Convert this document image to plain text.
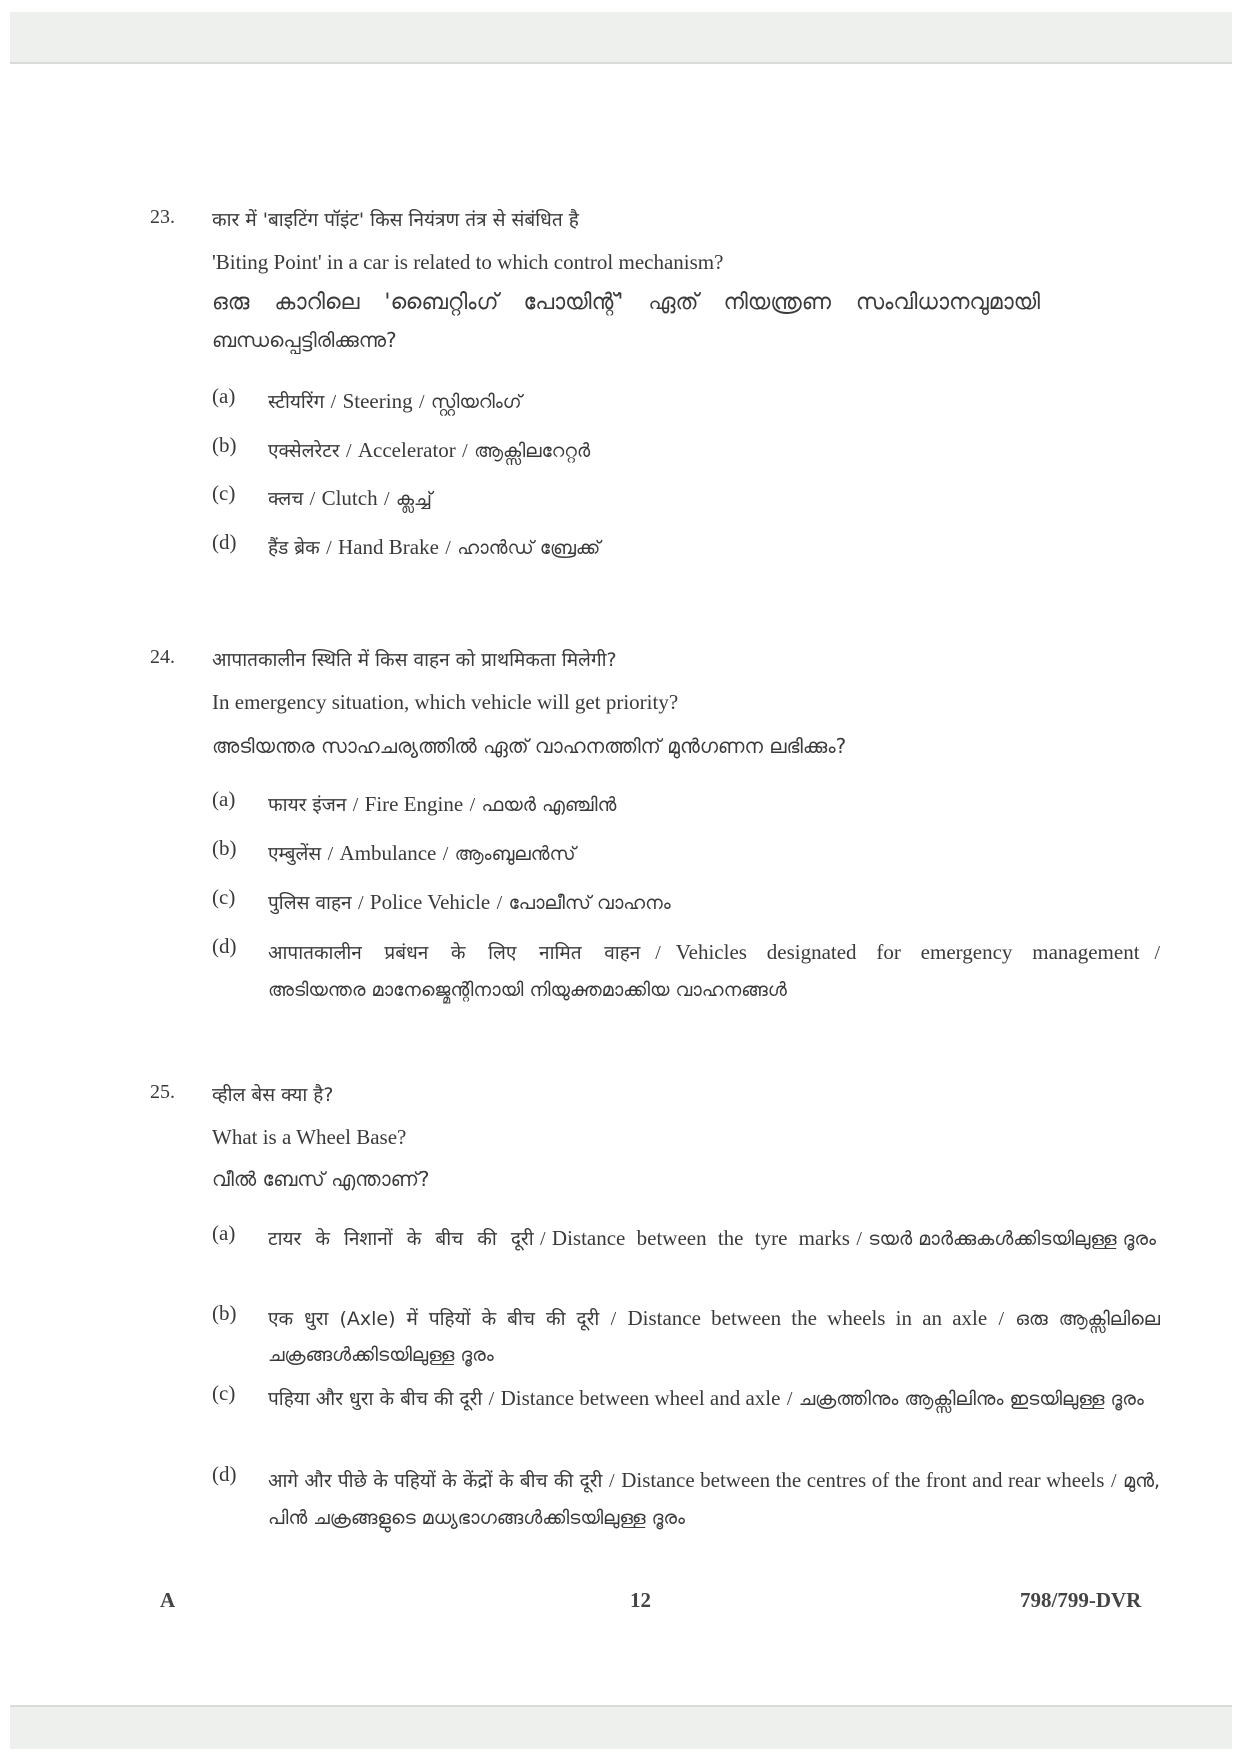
23. कार में 'बाइटिंग पॉइंट' किस नियंत्रण तंत्र से संबंधित है
'Biting Point' in a car is related to which control mechanism?
ഒരു കാറിലെ 'ബൈറ്റിംഗ് പോയിന്റ്' ഏത് നിയന്ത്രണ സംവിധാനവുമായി
ബന്ധപ്പെട്ടിരിക്കുന്നു?
(a) स्टीयरिंग / Steering / സ്റ്റിയറിംഗ്
(b) एक्सेलरेटर / Accelerator / ആക്സിലറേറ്റർ
(c) क्लच / Clutch / ക്ലച്ച്
(d) हैंड ब्रेक / Hand Brake / ഹാൻഡ് ബ്രേക്ക്
24. आपातकालीन स्थिति में किस वाहन को प्राथमिकता मिलेगी?
In emergency situation, which vehicle will get priority?
അടിയന്തര സാഹചര്യത്തിൽ ഏത് വാഹനത്തിന് മുൻഗണന ലഭിക്കും?
(a) फायर इंजन / Fire Engine / ഫയർ എഞ്ചിൻ
(b) एम्बुलेंस / Ambulance / ആംബുലൻസ്
(c) पुलिस वाहन / Police Vehicle / പോലീസ് വാഹനം
(d) आपातकालीन प्रबंधन के लिए नामित वाहन / Vehicles designated for emergency management / അടിയന്തര മാനേജ്മെന്റിനായി നിയുക്തമാക്കിയ വാഹനങ്ങൾ
25. व्हील बेस क्या है?
What is a Wheel Base?
വീൽ ബേസ് എന്താണ്?
(a) टायर के निशानों के बीच की दूरी / Distance between the tyre marks / ടയർ മാർക്കുകൾക്കിടയിലുള്ള ദൂരം
(b) एक धुरा (Axle) में पहियों के बीच की दूरी / Distance between the wheels in an axle / ഒരു ആക്സിലിലെ ചക്രങ്ങൾക്കിടയിലുള്ള ദൂരം
(c) पहिया और धुरा के बीच की दूरी / Distance between wheel and axle / ചക്രത്തിനും ആക്സിലിനും ഇടയിലുള്ള ദൂരം
(d) आगे और पीछे के पहियों के केंद्रों के बीच की दूरी / Distance between the centres of the front and rear wheels / മുൻ, പിൻ ചക്രങ്ങളുടെ മധ്യഭാഗങ്ങൾക്കിടയിലുള്ള ദൂരം
A	12	798/799-DVR
